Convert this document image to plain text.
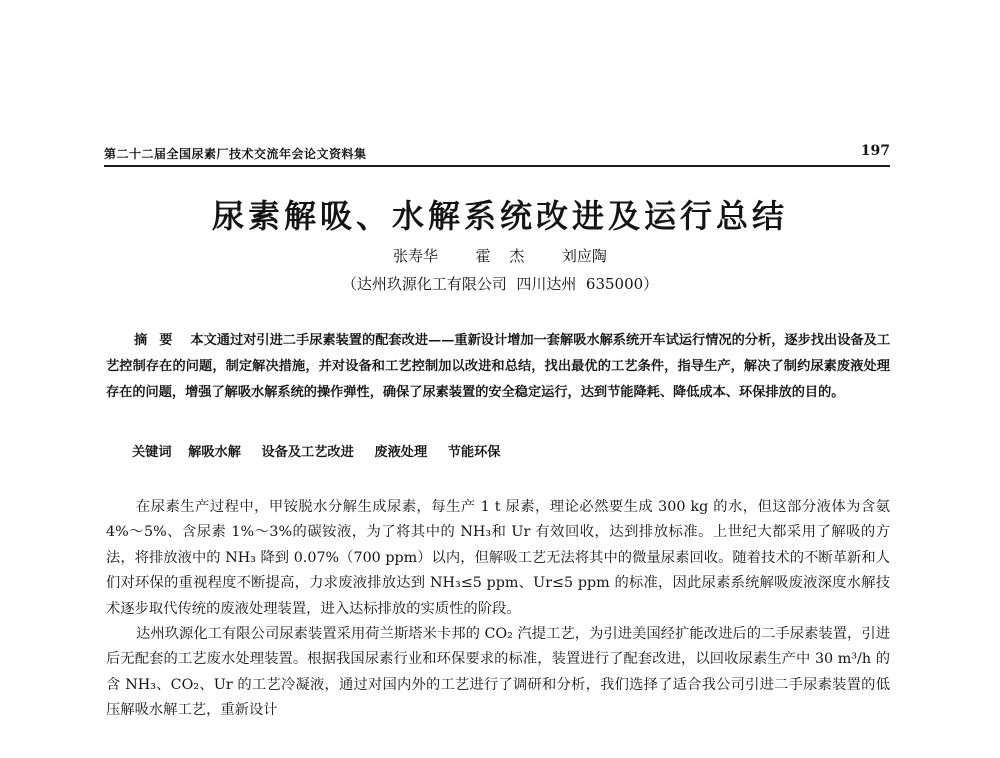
第二十二届全国尿素厂技术交流年会论文资料集	197
尿素解吸、水解系统改进及运行总结
张寿华  霍 杰  刘应陶
（达州玖源化工有限公司  四川达州  635000）
摘要 本文通过对引进二手尿素装置的配套改进——重新设计增加一套解吸水解系统开车试运行情况的分析，逐步找出设备及工艺控制存在的问题，制定解决措施，并对设备和工艺控制加以改进和总结，找出最优的工艺条件，指导生产，解决了制约尿素废液处理存在的问题，增强了解吸水解系统的操作弹性，确保了尿素装置的安全稳定运行，达到节能降耗、降低成本、环保排放的目的。
关键词 解吸水解 设备及工艺改进 废液处理 节能环保

在尿素生产过程中，甲铵脱水分解生成尿素，每生产 1 t 尿素，理论必然要生成 300 kg 的水，但这部分液体为含氨 4%～5%、含尿素 1%～3%的碳铵液，为了将其中的 NH₃和 Ur 有效回收，达到排放标准。上世纪大都采用了解吸的方法，将排放液中的 NH₃ 降到 0.07%（700 ppm）以内，但解吸工艺无法将其中的微量尿素回收。随着技术的不断革新和人们对环保的重视程度不断提高，力求废液排放达到 NH₃≤5 ppm、Ur≤5 ppm 的标准，因此尿素系统解吸废液深度水解技术逐步取代传统的废液处理装置，进入达标排放的实质性的阶段。

达州玖源化工有限公司尿素装置采用荷兰斯塔米卡邦的 CO₂ 汽提工艺，为引进美国经扩能改进后的二手尿素装置，引进后无配套的工艺废水处理装置。根据我国尿素行业和环保要求的标准，装置进行了配套改进，以回收尿素生产中 30 m³/h 的含 NH₃、CO₂、Ur 的工艺冷凝液，通过对国内外的工艺进行了调研和分析，我们选择了适合我公司引进二手尿素装置的低压解吸水解工艺，重新设计
